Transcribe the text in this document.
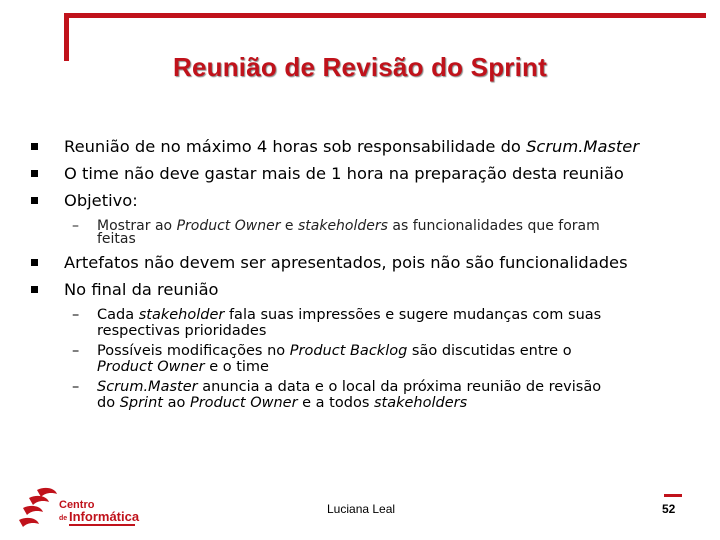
Reunião de Revisão do Sprint
Reunião de no máximo 4 horas sob responsabilidade do Scrum.Master
O time não deve gastar mais de 1 hora na preparação desta reunião
Objetivo:
– Mostrar ao Product Owner e stakeholders as funcionalidades que foram
feitas
Artefatos não devem ser apresentados, pois não são funcionalidades
No final da reunião
– Cada stakeholder fala suas impressões e sugere mudanças com suas
respectivas prioridades
– Possíveis modificações no Product Backlog são discutidas entre o
Product Owner e o time
– Scrum.Master anuncia a data e o local da próxima reunião de revisão
do Sprint ao Product Owner e a todos stakeholders
Centro
de Informática	Luciana Leal	52
